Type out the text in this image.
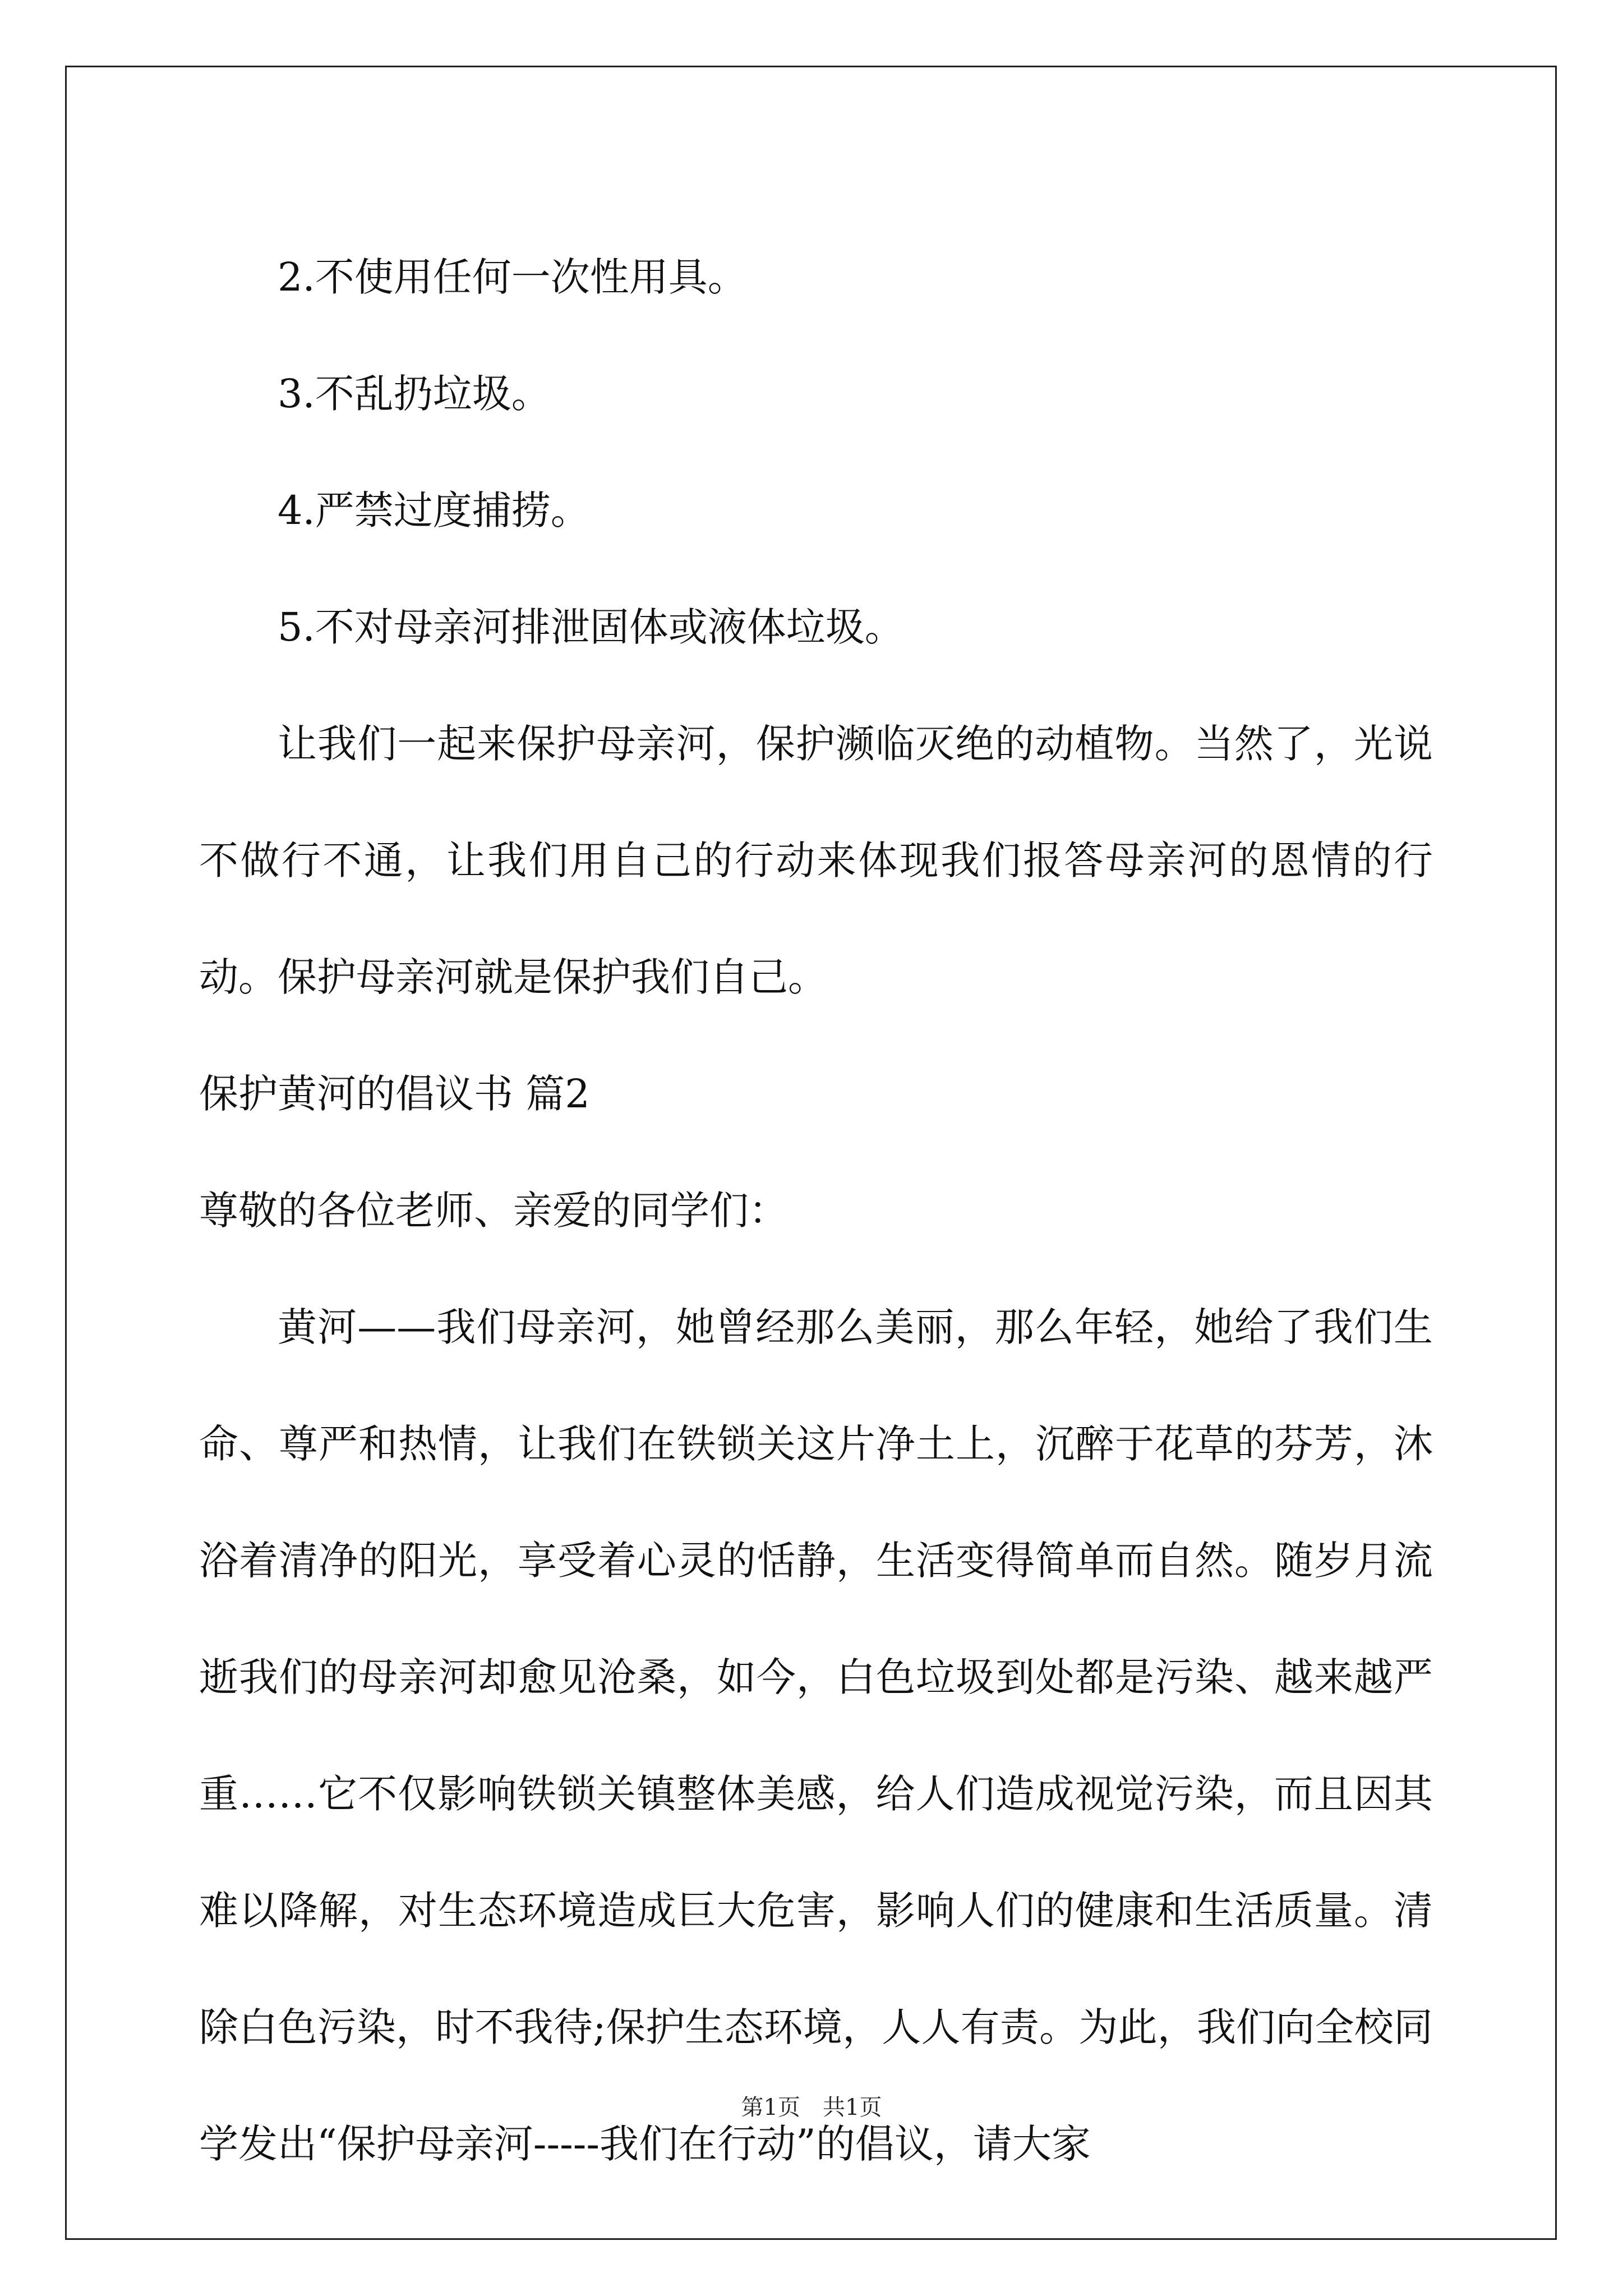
2.不使用任何一次性用具。

3.不乱扔垃圾。

4.严禁过度捕捞。

5.不对母亲河排泄固体或液体垃圾。

让我们一起来保护母亲河，保护濒临灭绝的动植物。当然了，光说不做行不通，让我们用自己的行动来体现我们报答母亲河的恩情的行动。保护母亲河就是保护我们自己。

保护黄河的倡议书 篇2

尊敬的各位老师、亲爱的同学们：

黄河——我们母亲河，她曾经那么美丽，那么年轻，她给了我们生命、尊严和热情，让我们在铁锁关这片净土上，沉醉于花草的芬芳，沐浴着清净的阳光，享受着心灵的恬静，生活变得简单而自然。随岁月流逝我们的母亲河却愈见沧桑，如今，白色垃圾到处都是污染、越来越严重……它不仅影响铁锁关镇整体美感，给人们造成视觉污染，而且因其难以降解，对生态环境造成巨大危害，影响人们的健康和生活质量。清除白色污染，时不我待;保护生态环境，人人有责。为此，我们向全校同学发出“保护母亲河-----我们在行动”的倡议，请大家

第1页　共1页
